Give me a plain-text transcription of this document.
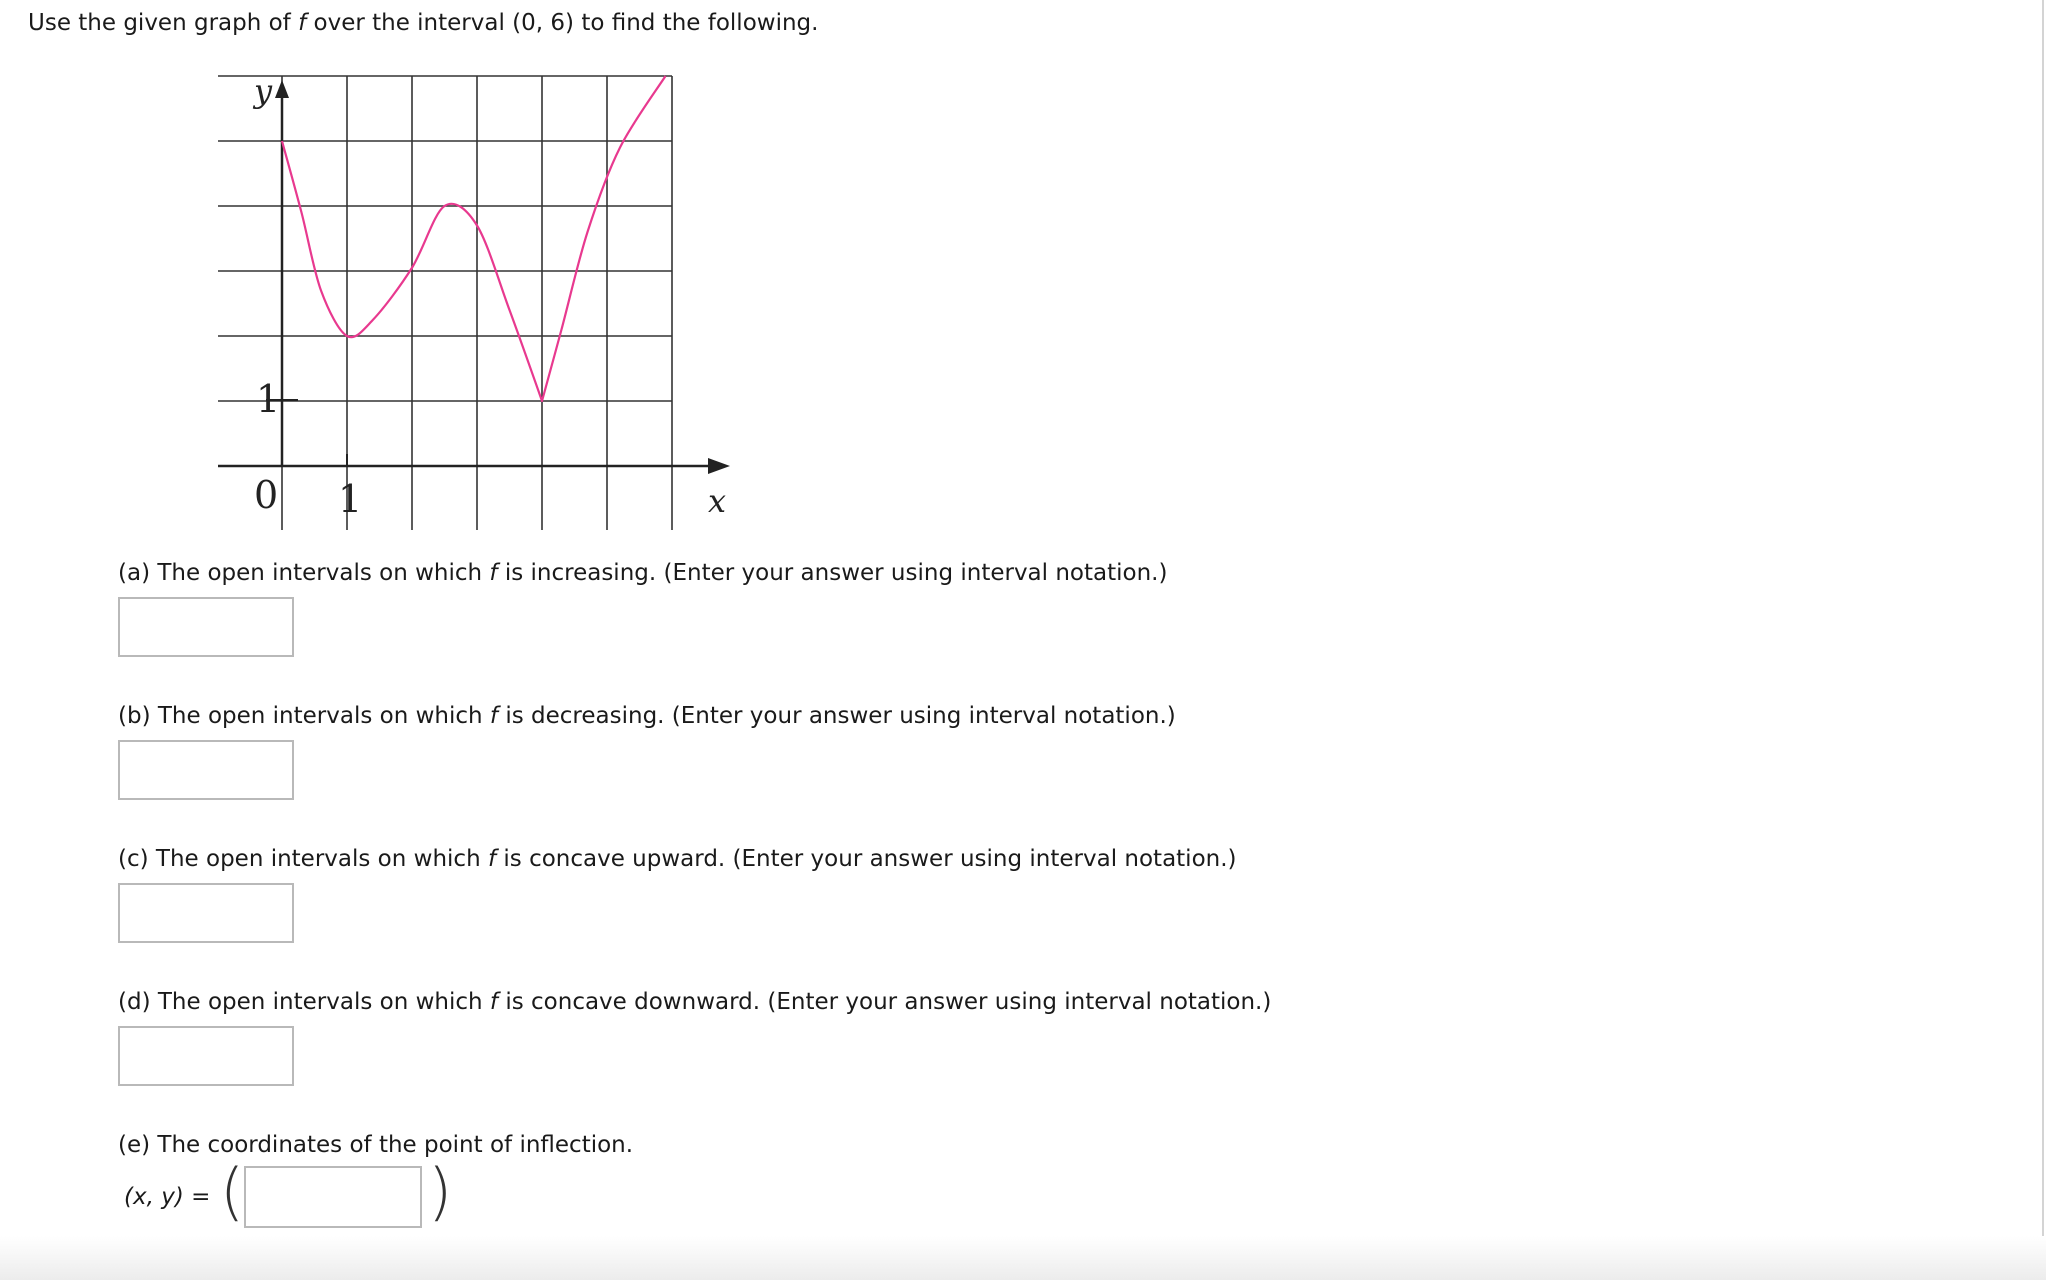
Use the given graph of f over the interval (0, 6) to find the following.
y
x
1
0 1
(a) The open intervals on which f is increasing. (Enter your answer using interval notation.)
(b) The open intervals on which f is decreasing. (Enter your answer using interval notation.)
(c) The open intervals on which f is concave upward. (Enter your answer using interval notation.)
(d) The open intervals on which f is concave downward. (Enter your answer using interval notation.)
(e) The coordinates of the point of inflection.
(x, y) = (	)
